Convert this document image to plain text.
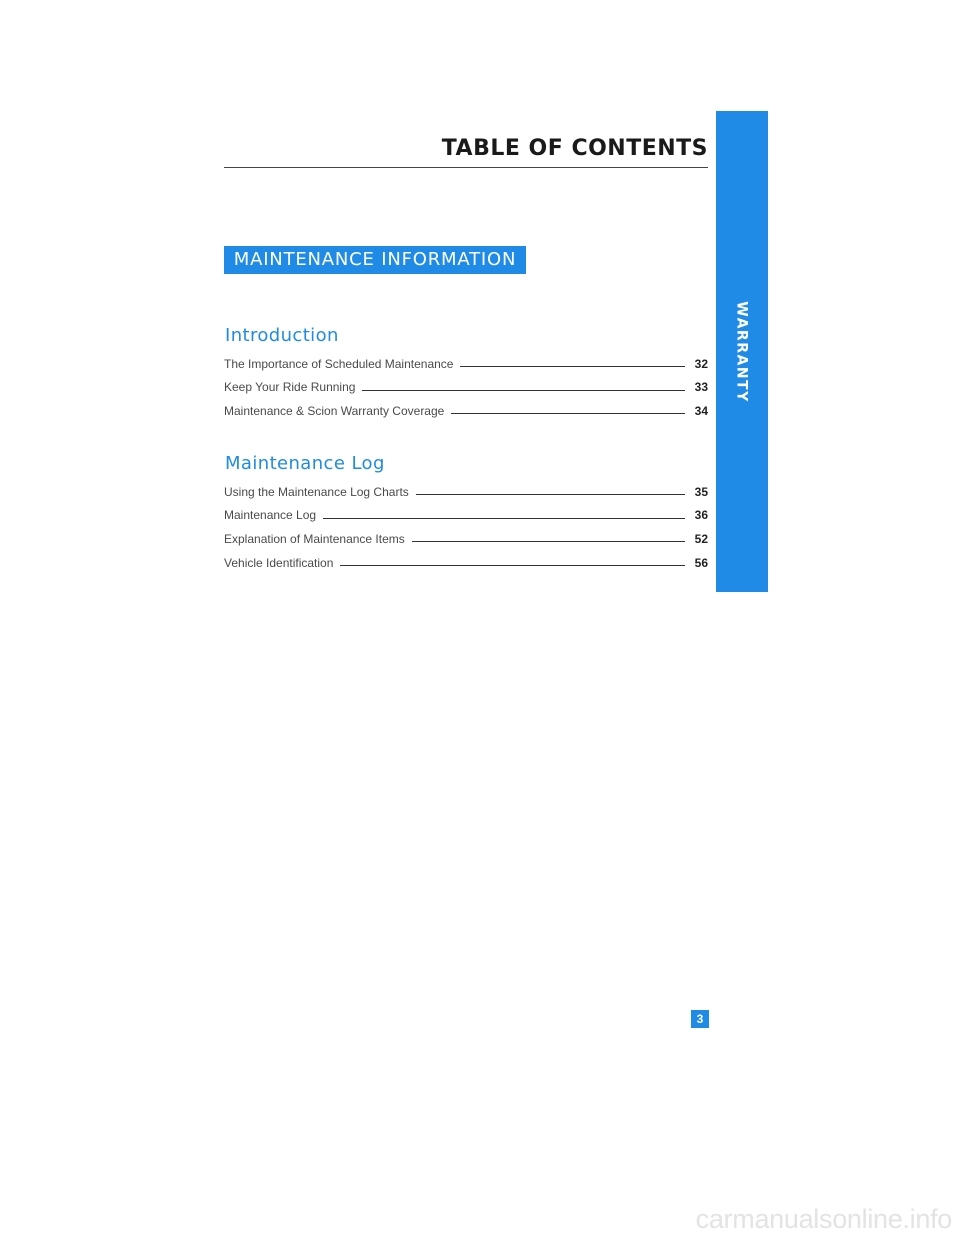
TABLE OF CONTENTS
WARRANTY
MAINTENANCE INFORMATION
Introduction
The Importance of Scheduled Maintenance	32
Keep Your Ride Running	33
Maintenance & Scion Warranty Coverage	34
Maintenance Log
Using the Maintenance Log Charts	35
Maintenance Log	36
Explanation of Maintenance Items	52
Vehicle Identification	56
3
carmanualsonline.info
